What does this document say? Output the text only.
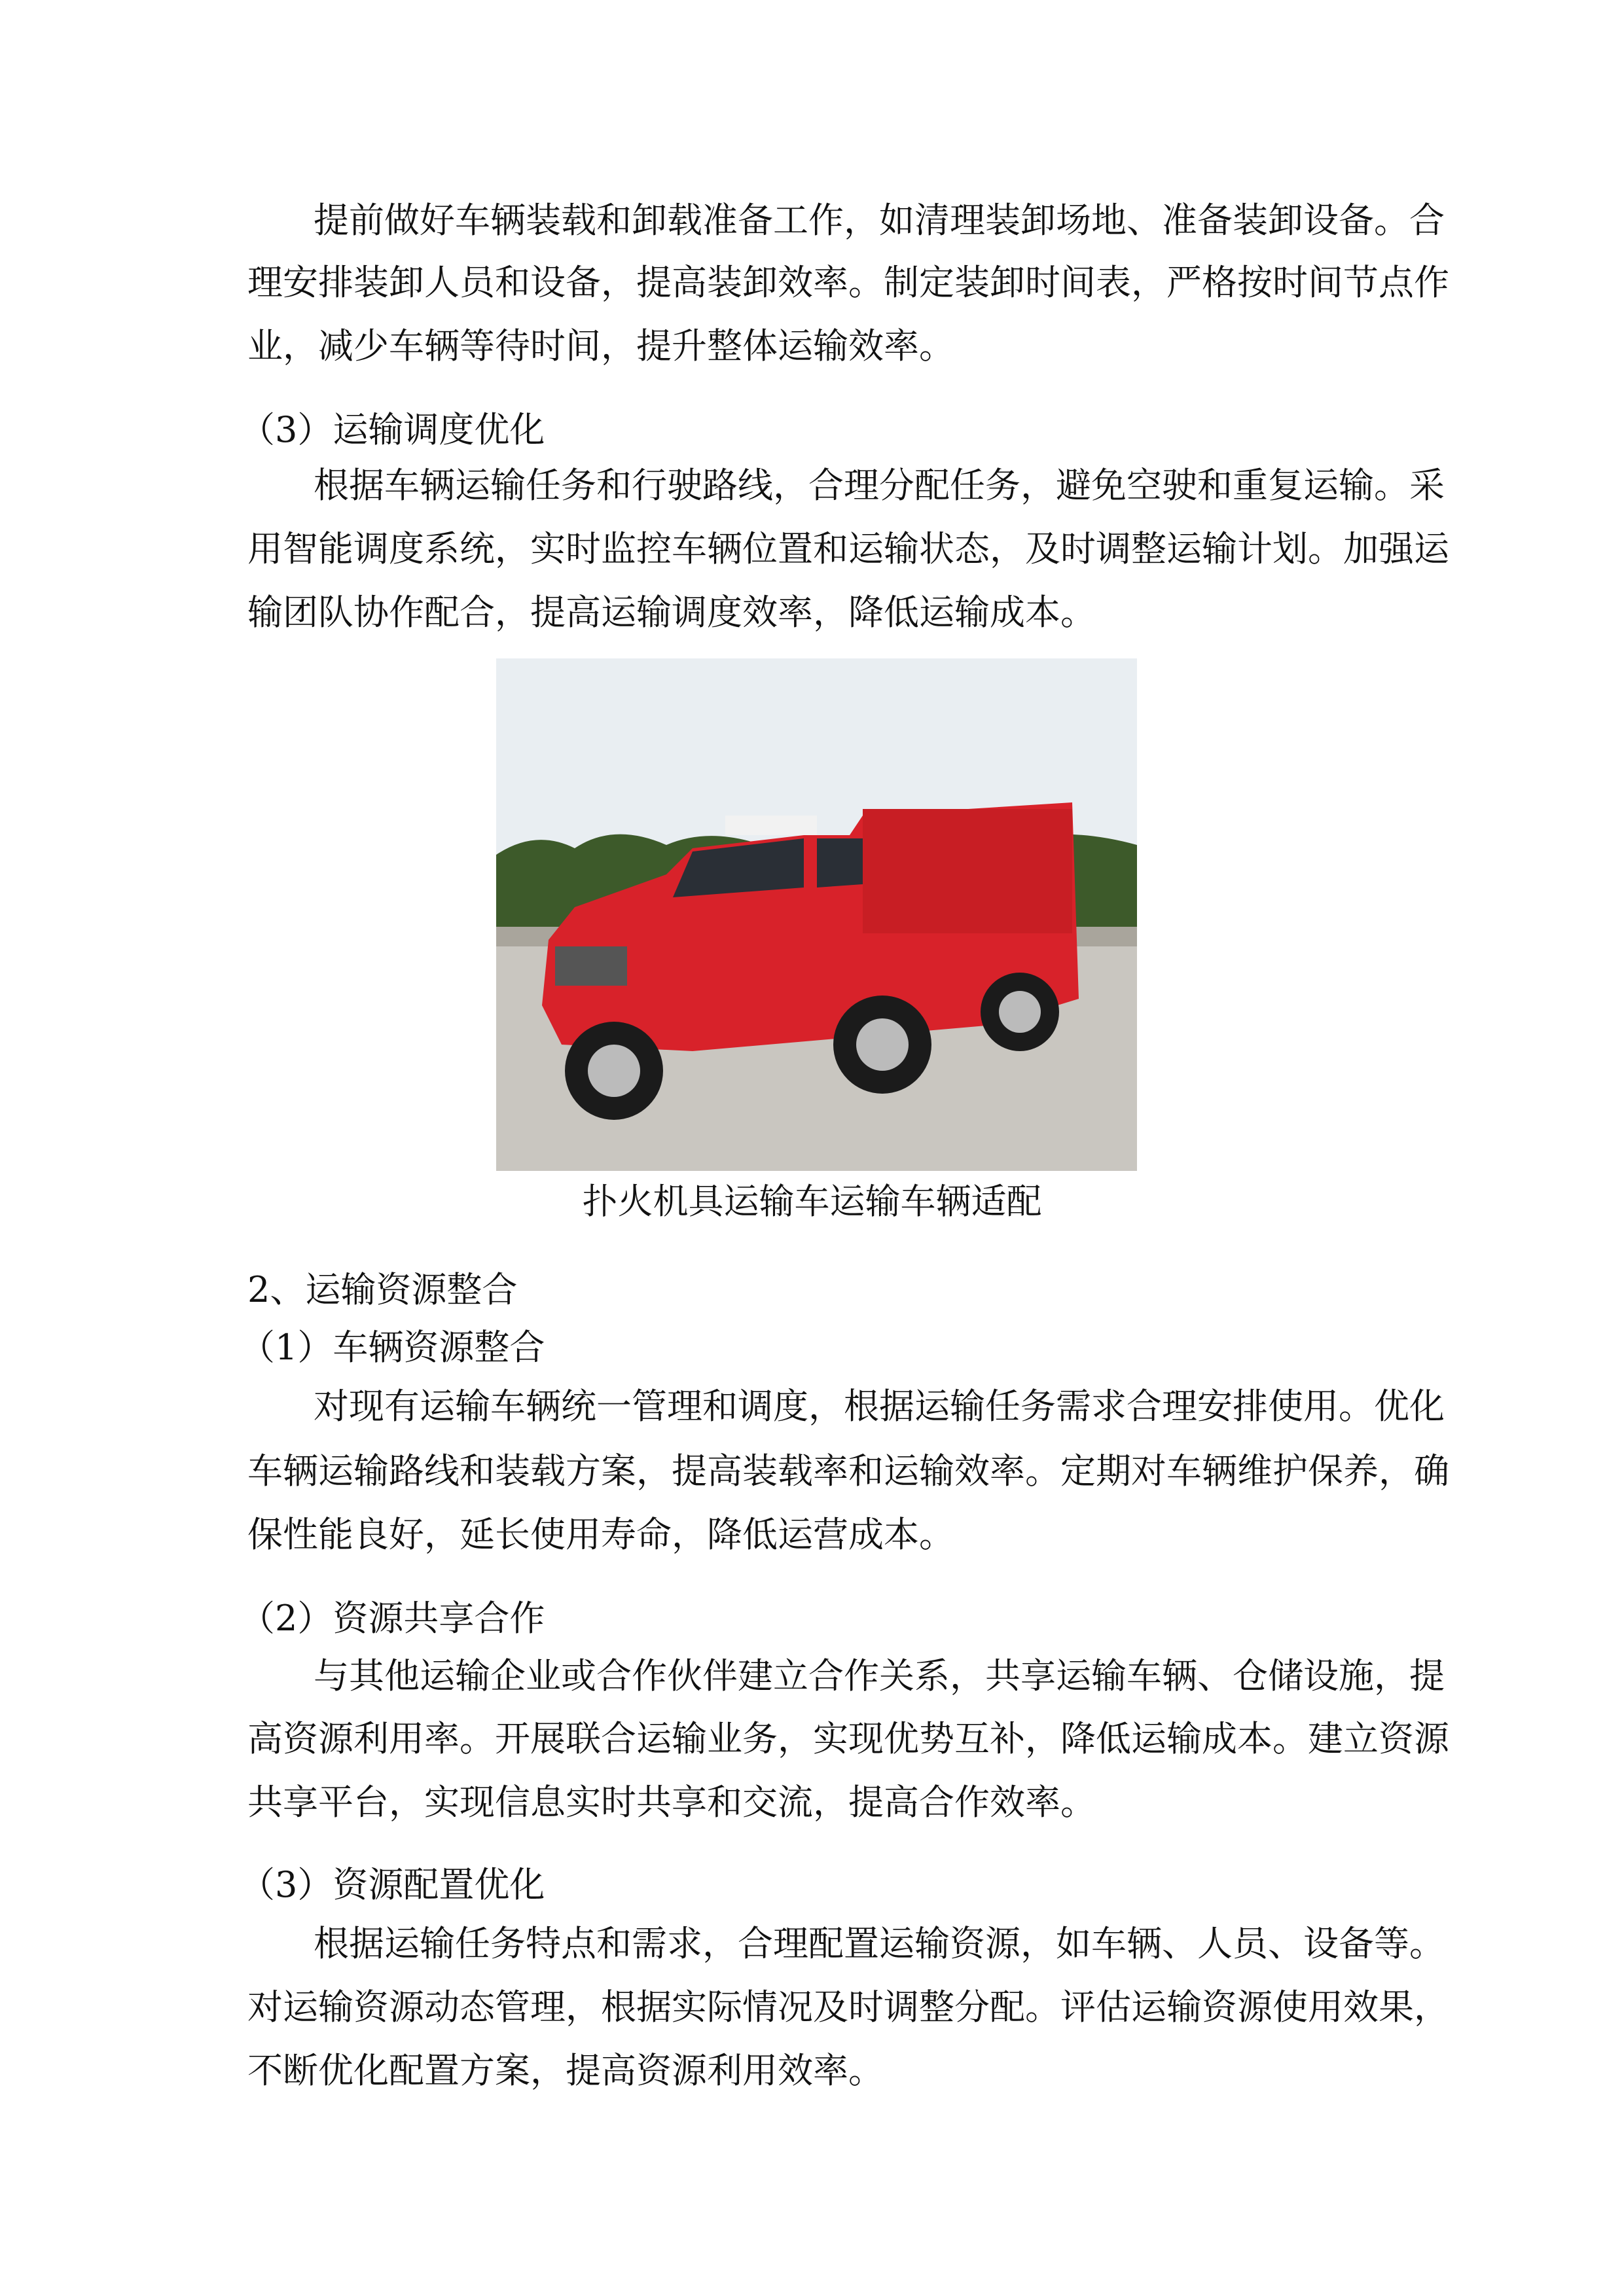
提前做好车辆装载和卸载准备工作，如清理装卸场地、准备装卸设备。合
理安排装卸人员和设备，提高装卸效率。制定装卸时间表，严格按时间节点作
业，减少车辆等待时间，提升整体运输效率。
（3）运输调度优化
根据车辆运输任务和行驶路线，合理分配任务，避免空驶和重复运输。采
用智能调度系统，实时监控车辆位置和运输状态，及时调整运输计划。加强运
输团队协作配合，提高运输调度效率，降低运输成本。
扑火机具运输车运输车辆适配
2、运输资源整合
（1）车辆资源整合
对现有运输车辆统一管理和调度，根据运输任务需求合理安排使用。优化
车辆运输路线和装载方案，提高装载率和运输效率。定期对车辆维护保养，确
保性能良好，延长使用寿命，降低运营成本。
（2）资源共享合作
与其他运输企业或合作伙伴建立合作关系，共享运输车辆、仓储设施，提
高资源利用率。开展联合运输业务，实现优势互补，降低运输成本。建立资源
共享平台，实现信息实时共享和交流，提高合作效率。
（3）资源配置优化
根据运输任务特点和需求，合理配置运输资源，如车辆、人员、设备等。
对运输资源动态管理，根据实际情况及时调整分配。评估运输资源使用效果，
不断优化配置方案，提高资源利用效率。
